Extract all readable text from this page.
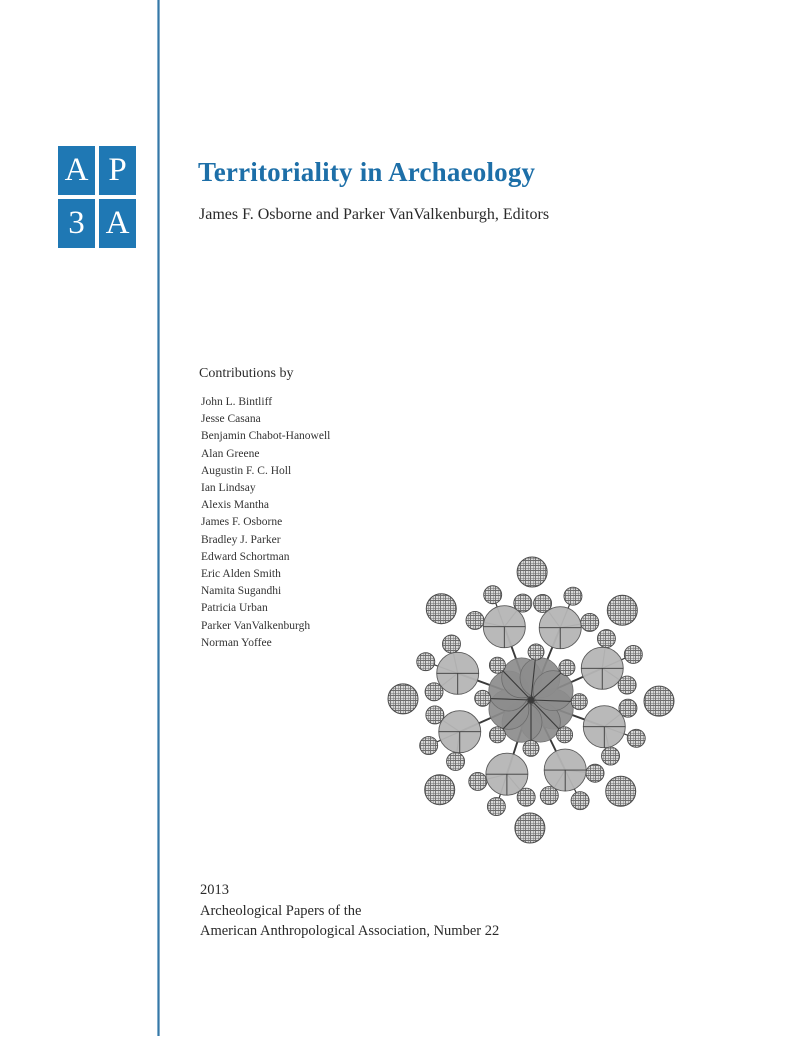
A P
3 A
Territoriality in Archaeology
James F. Osborne and Parker VanValkenburgh, Editors
Contributions by
John L. Bintliff
Jesse Casana
Benjamin Chabot-Hanowell
Alan Greene
Augustin F. C. Holl
Ian Lindsay
Alexis Mantha
James F. Osborne
Bradley J. Parker
Edward Schortman
Eric Alden Smith
Namita Sugandhi
Patricia Urban
Parker VanValkenburgh
Norman Yoffee
2013
Archeological Papers of the
American Anthropological Association, Number 22
